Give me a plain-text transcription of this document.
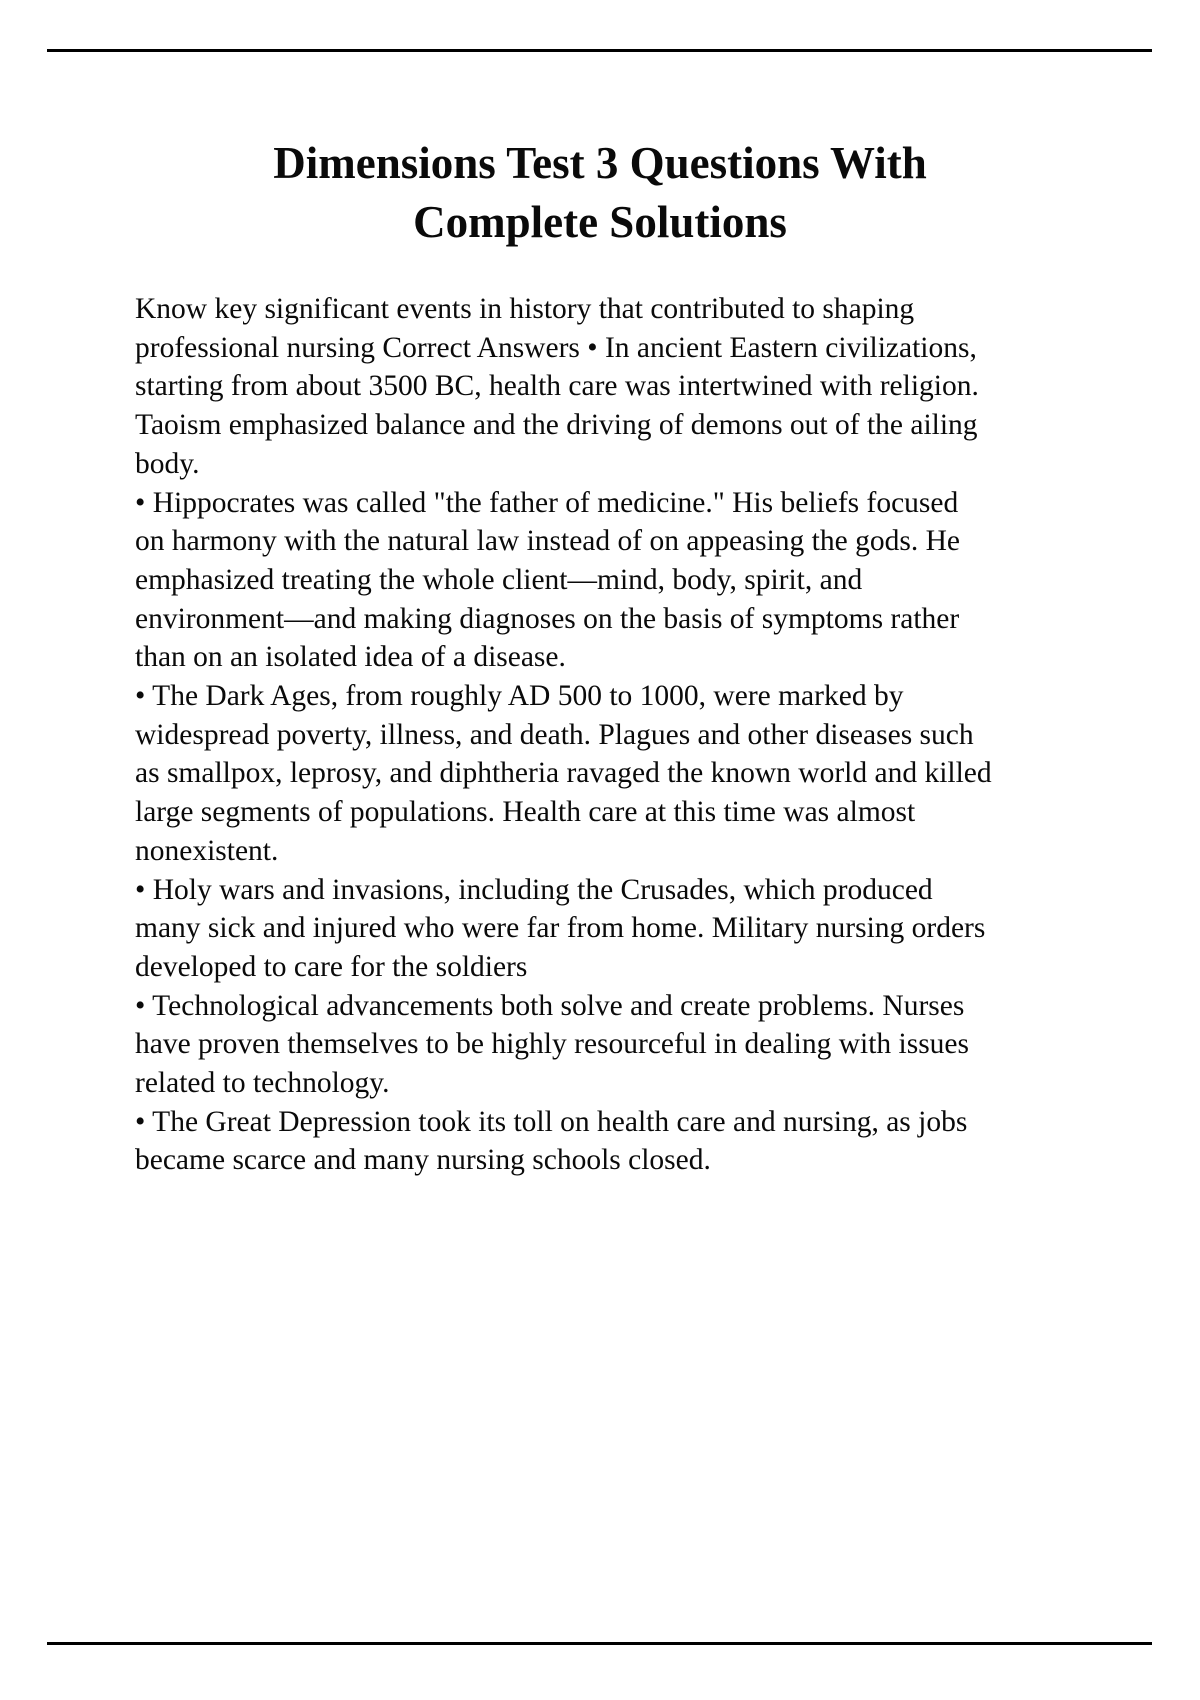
Dimensions Test 3 Questions With Complete Solutions

Know key significant events in history that contributed to shaping professional nursing Correct Answers • In ancient Eastern civilizations, starting from about 3500 BC, health care was intertwined with religion. Taoism emphasized balance and the driving of demons out of the ailing body.

• Hippocrates was called "the father of medicine." His beliefs focused on harmony with the natural law instead of on appeasing the gods. He emphasized treating the whole client—mind, body, spirit, and environment—and making diagnoses on the basis of symptoms rather than on an isolated idea of a disease.

• The Dark Ages, from roughly AD 500 to 1000, were marked by widespread poverty, illness, and death. Plagues and other diseases such as smallpox, leprosy, and diphtheria ravaged the known world and killed large segments of populations. Health care at this time was almost nonexistent.

• Holy wars and invasions, including the Crusades, which produced many sick and injured who were far from home. Military nursing orders developed to care for the soldiers

• Technological advancements both solve and create problems. Nurses have proven themselves to be highly resourceful in dealing with issues related to technology.

• The Great Depression took its toll on health care and nursing, as jobs became scarce and many nursing schools closed.
